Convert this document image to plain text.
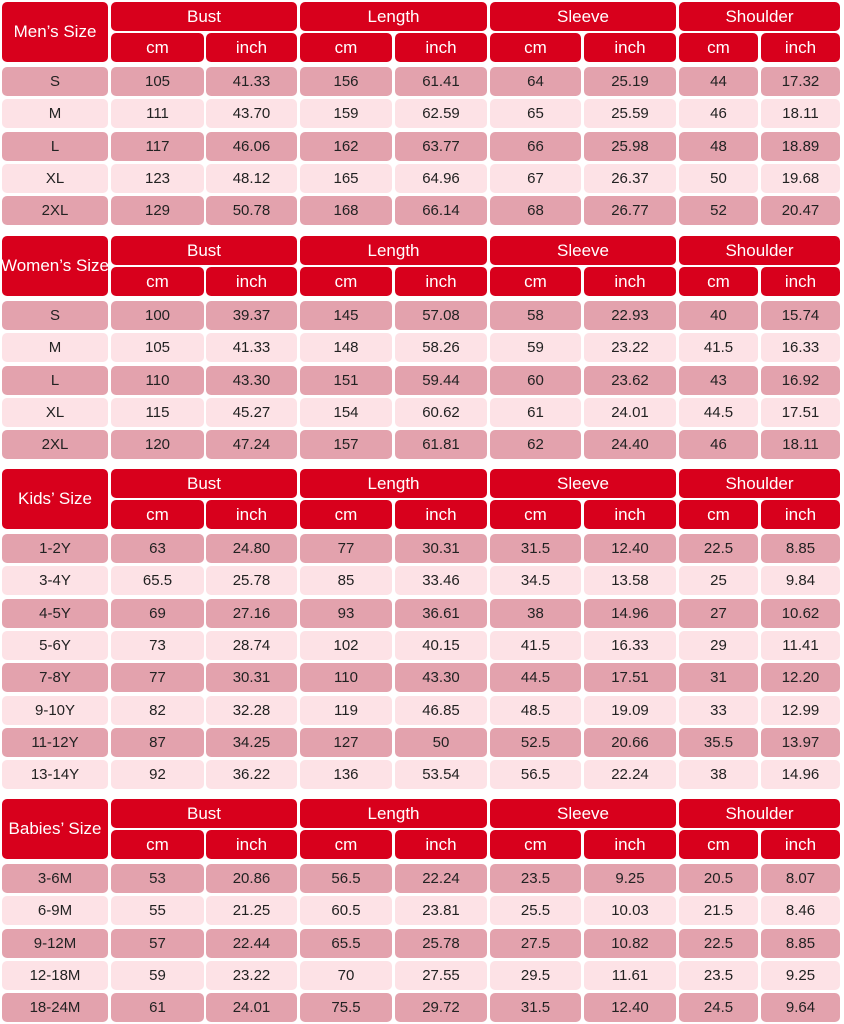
Men’s Size
Bust	Length	Sleeve	Shoulder
cm	inch	cm	inch	cm	inch	cm	inch
S	105	41.33	156	61.41	64	25.19	44	17.32
M	111	43.70	159	62.59	65	25.59	46	18.11
L	117	46.06	162	63.77	66	25.98	48	18.89
XL	123	48.12	165	64.96	67	26.37	50	19.68
2XL	129	50.78	168	66.14	68	26.77	52	20.47
Women’s Size
Bust	Length	Sleeve	Shoulder
cm	inch	cm	inch	cm	inch	cm	inch
S	100	39.37	145	57.08	58	22.93	40	15.74
M	105	41.33	148	58.26	59	23.22	41.5	16.33
L	110	43.30	151	59.44	60	23.62	43	16.92
XL	115	45.27	154	60.62	61	24.01	44.5	17.51
2XL	120	47.24	157	61.81	62	24.40	46	18.11
Kids’ Size
Bust	Length	Sleeve	Shoulder
cm	inch	cm	inch	cm	inch	cm	inch
1-2Y	63	24.80	77	30.31	31.5	12.40	22.5	8.85
3-4Y	65.5	25.78	85	33.46	34.5	13.58	25	9.84
4-5Y	69	27.16	93	36.61	38	14.96	27	10.62
5-6Y	73	28.74	102	40.15	41.5	16.33	29	11.41
7-8Y	77	30.31	110	43.30	44.5	17.51	31	12.20
9-10Y	82	32.28	119	46.85	48.5	19.09	33	12.99
11-12Y	87	34.25	127	50	52.5	20.66	35.5	13.97
13-14Y	92	36.22	136	53.54	56.5	22.24	38	14.96
Babies’ Size
Bust	Length	Sleeve	Shoulder
cm	inch	cm	inch	cm	inch	cm	inch
3-6M	53	20.86	56.5	22.24	23.5	9.25	20.5	8.07
6-9M	55	21.25	60.5	23.81	25.5	10.03	21.5	8.46
9-12M	57	22.44	65.5	25.78	27.5	10.82	22.5	8.85
12-18M	59	23.22	70	27.55	29.5	11.61	23.5	9.25
18-24M	61	24.01	75.5	29.72	31.5	12.40	24.5	9.64
